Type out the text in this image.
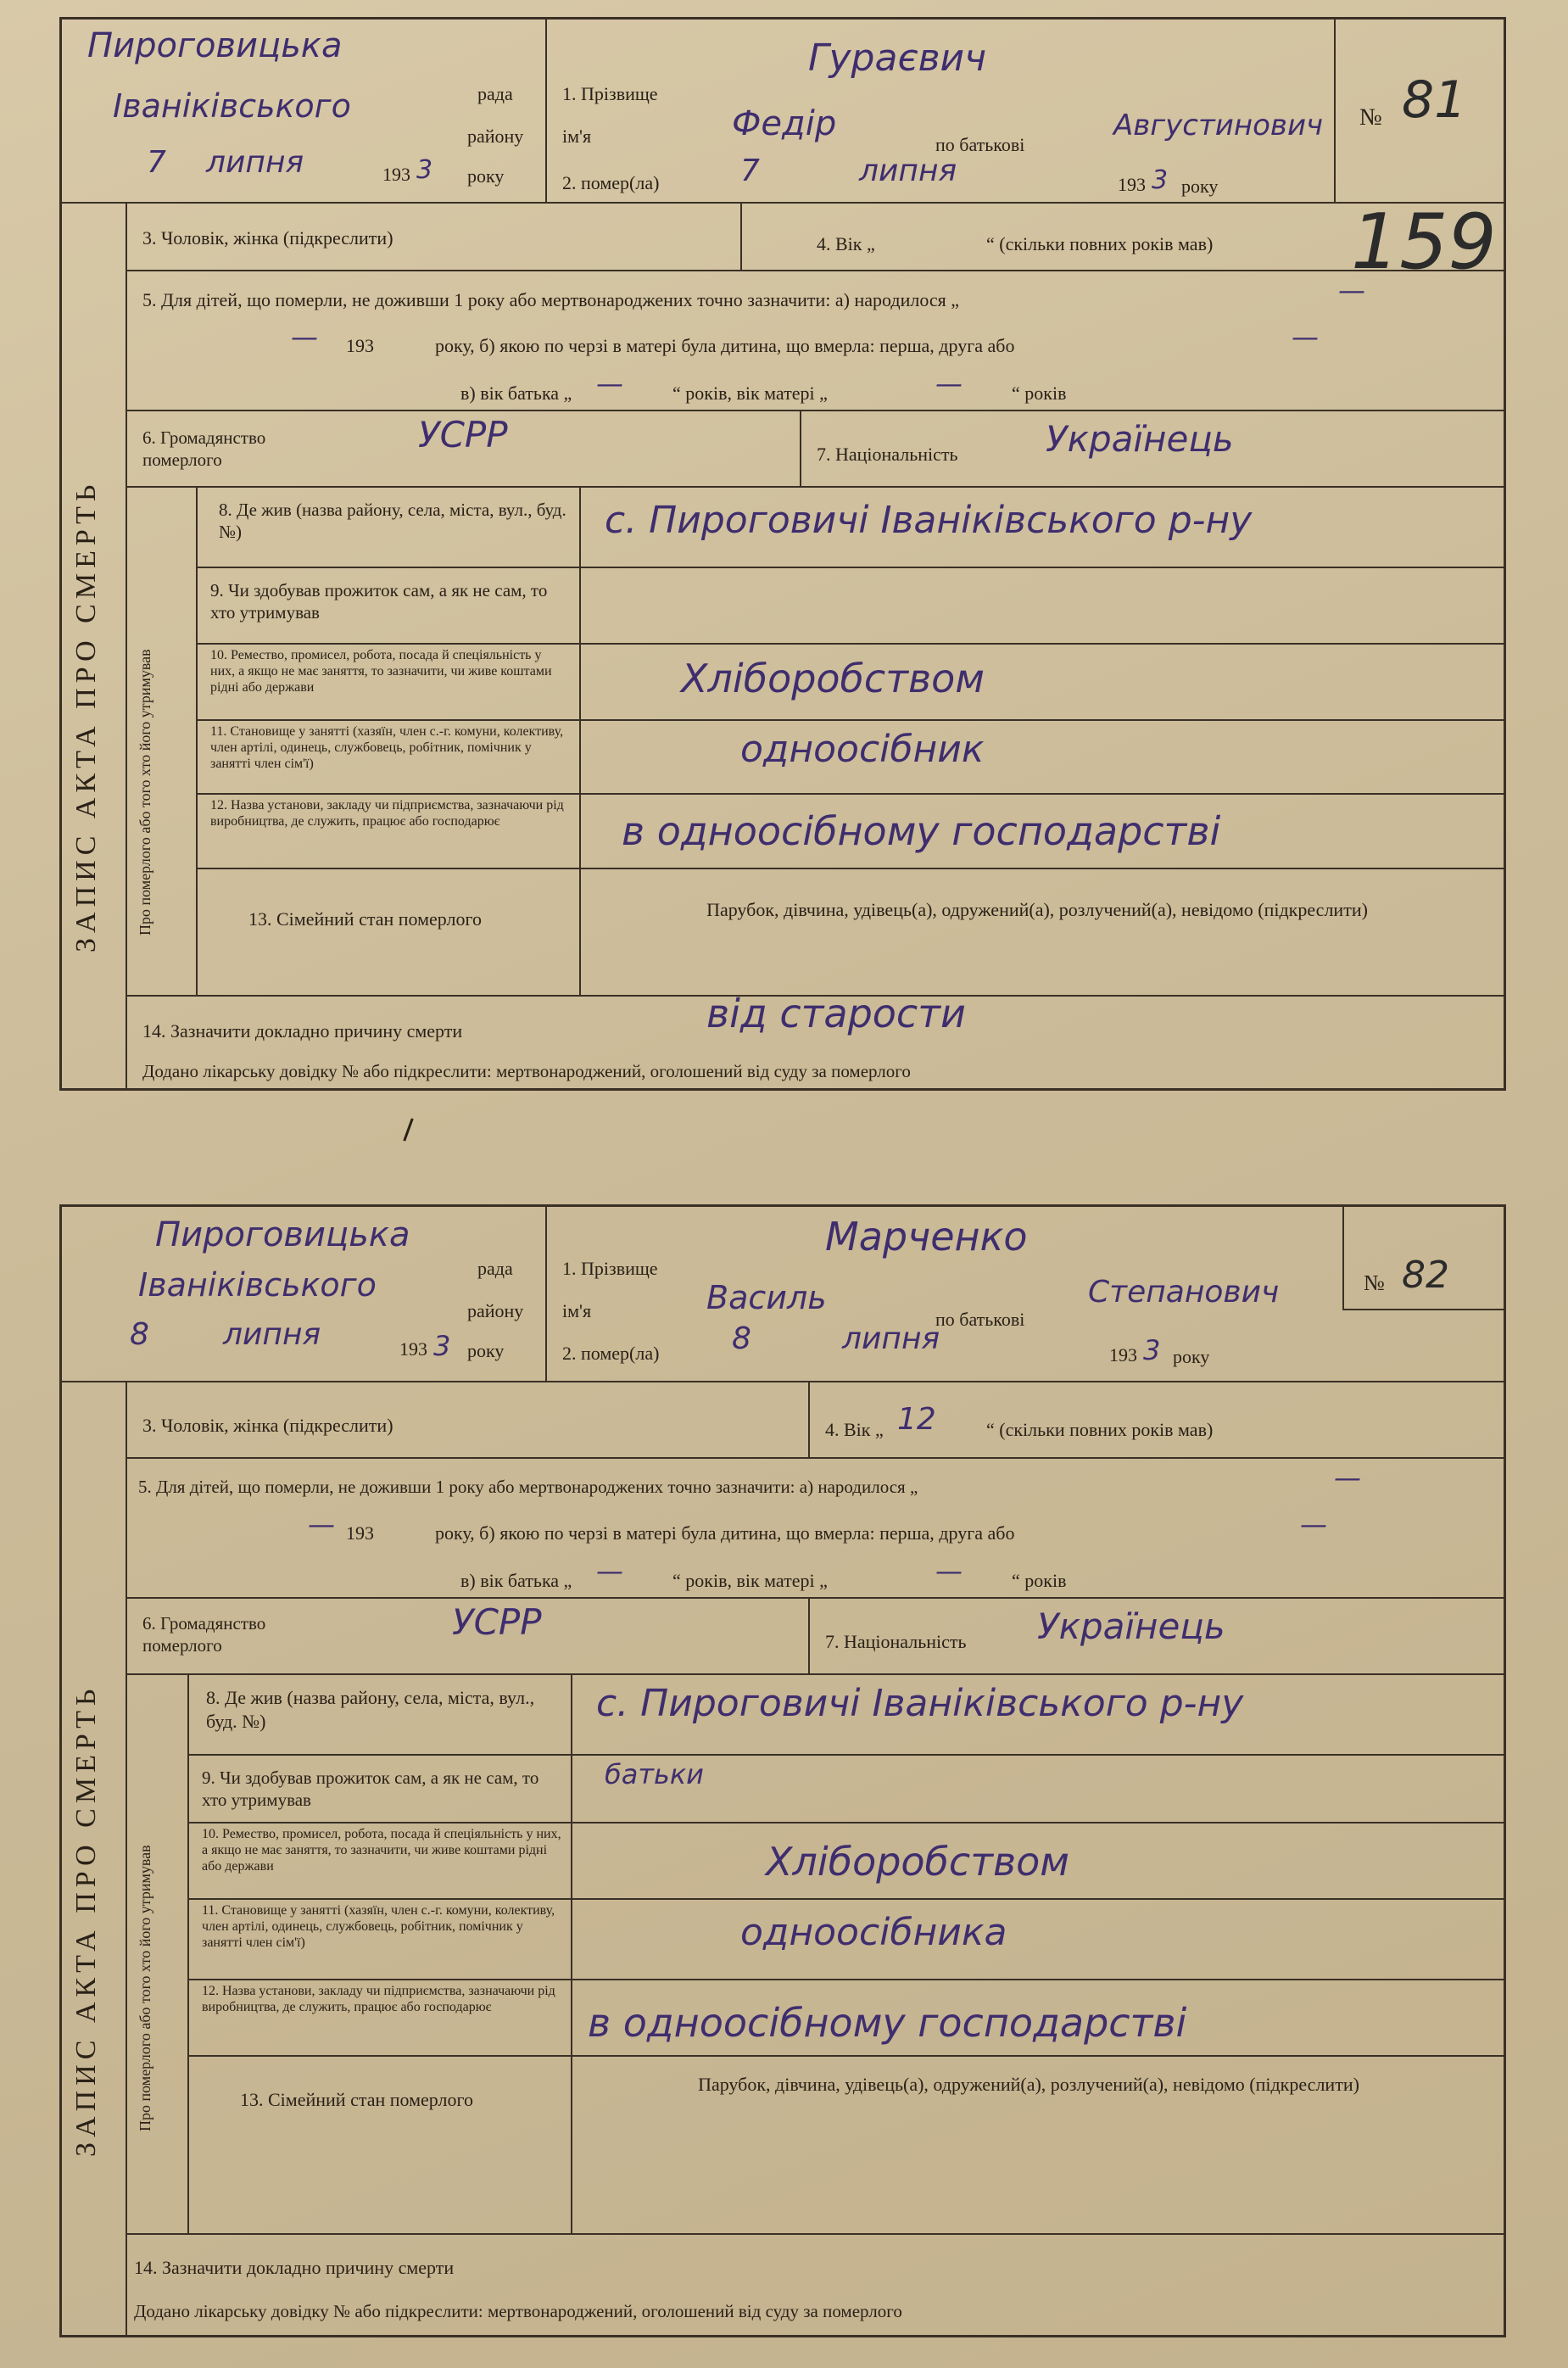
Пироговицька
рада
Іваніківського
району
7 липня	193 3 року
1. Прізвище
Гураєвич
ім'я	Федір
по батькові
Августинович
2. помер(ла)	7	липня	193 3 року
№ 81
ЗАПИС АКТА ПРО СМЕРТЬ
3. Чоловік, жінка (підкреслити)	4. Вік „	“ (скільки повних років мав) 159
5. Для дітей, що померли, не доживши 1 року або мертвонароджених точно зазначити: а) народилося „	—
— 193	року, б) якою по черзі в матері була дитина, що вмерла: перша, друга або	—
в) вік батька „ —	“ років, вік матері „	—	“ років
6. Громадянство померлого
УСРР	7. Національність Українець
Про померлого або того хто його утримував
8. Де жив (назва району, села, міста, вул., буд. №)	с. Пироговичі Іваніківського р-ну
9. Чи здобував прожиток сам, а як не сам, то хто утримував
10. Ремество, промисел, робота, посада й спеціяльність у них, а якщо не має заняття, то зазначити, чи живе коштами рідні або держави	Хліборобством
11. Становище у занятті (хазяїн, член с.-г. комуни, колективу, член артілі, одинець, службовець, робітник, помічник у занятті член сім'ї)	одноосібник
12. Назва установи, закладу чи підприємства, зазначаючи рід виробництва, де служить, працює або господарює	в одноосібному господарстві
13. Сімейний стан померлого	Парубок, дівчина, удівець(а), одружений(а), розлучений(а), невідомо (підкреслити)
14. Зазначити докладно причину смерти	від старости
Додано лікарську довідку № або підкреслити: мертвонароджений, оголошений від суду за померлого
Пироговицька
рада
Іваніківського
району
8 липня	193 3 року
1. Прізвище
Марченко
ім'я	Василь
по батькові
Степанович
2. помер(ла) 8	липня	193 3 року
№ 82
ЗАПИС АКТА ПРО СМЕРТЬ
3. Чоловік, жінка (підкреслити)	4. Вік „ 12	“ (скільки повних років мав)
5. Для дітей, що померли, не доживши 1 року або мертвонароджених точно зазначити: а) народилося „	—
— 193	року, б) якою по черзі в матері була дитина, що вмерла: перша, друга або	—
в) вік батька „ —	“ років, вік матері „	—	“ років
6. Громадянство померлого
УСРР	7. Національність Українець
Про померлого або того хто його утримував
8. Де жив (назва району, села, міста, вул., буд. №)	с. Пироговичі Іваніківського р-ну
9. Чи здобував прожиток сам, а як не сам, то хто утримував
батьки
10. Ремество, промисел, робота, посада й спеціяльність у них, а якщо не має заняття, то зазначити, чи живе коштами рідні або держави	Хліборобством
11. Становище у занятті (хазяїн, член с.-г. комуни, колективу, член артілі, одинець, службовець, робітник, помічник у занятті член сім'ї)	одноосібника
12. Назва установи, закладу чи підприємства, зазначаючи рід виробництва, де служить, працює або господарює	в одноосібному господарстві
13. Сімейний стан померлого
Парубок, дівчина, удівець(а), одружений(а), розлучений(а), невідомо (підкреслити)
14. Зазначити докладно причину смерти
Додано лікарську довідку № або підкреслити: мертвонароджений, оголошений від суду за померлого
